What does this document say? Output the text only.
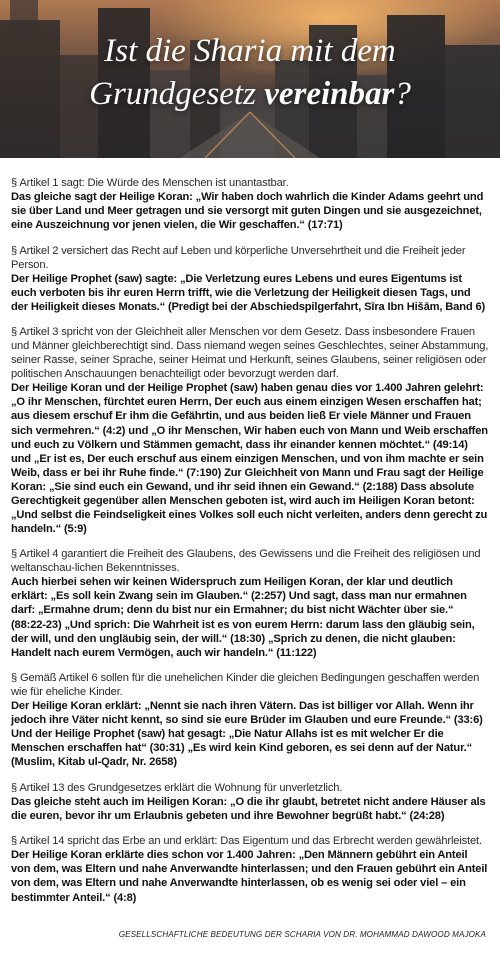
Ist die Sharia mit dem
Grundgesetz vereinbar?
§ Artikel 1 sagt: Die Würde des Menschen ist unantastbar.
Das gleiche sagt der Heilige Koran: „Wir haben doch wahrlich die Kinder Adams geehrt und sie über Land und Meer getragen und sie versorgt mit guten Dingen und sie ausgezeichnet, eine Auszeichnung vor jenen vielen, die Wir geschaffen.“ (17:71)
§ Artikel 2 versichert das Recht auf Leben und körperliche Unversehrtheit und die Freiheit jeder Person.
Der Heilige Prophet (saw) sagte: „Die Verletzung eures Lebens und eures Eigentums ist euch verboten bis ihr euren Herrn trifft, wie die Verletzung der Heiligkeit diesen Tags, und der Heiligkeit dieses Monats.“ (Predigt bei der Abschiedspilgerfahrt, Sīra Ibn Hišām, Band 6)
§ Artikel 3 spricht von der Gleichheit aller Menschen vor dem Gesetz. Dass insbesondere Frauen und Männer gleichberechtigt sind. Dass niemand wegen seines Geschlechtes, seiner Abstammung, seiner Rasse, seiner Sprache, seiner Heimat und Herkunft, seines Glaubens, seiner religiösen oder politischen Anschauungen benachteiligt oder bevorzugt werden darf.
Der Heilige Koran und der Heilige Prophet (saw) haben genau dies vor 1.400 Jahren gelehrt: „O ihr Menschen, fürchtet euren Herrn, Der euch aus einem einzigen Wesen erschaffen hat; aus diesem erschuf Er ihm die Gefährtin, und aus beiden ließ Er viele Männer und Frauen sich vermehren.“ (4:2) und „O ihr Menschen, Wir haben euch von Mann und Weib erschaffen und euch zu Völkern und Stämmen gemacht, dass ihr einander kennen möchtet.“ (49:14) und „Er ist es, Der euch erschuf aus einem einzigen Menschen, und von ihm machte er sein Weib, dass er bei ihr Ruhe finde.“ (7:190) Zur Gleichheit von Mann und Frau sagt der Heilige Koran: „Sie sind euch ein Gewand, und ihr seid ihnen ein Gewand.“ (2:188) Dass absolute Gerechtigkeit gegenüber allen Menschen geboten ist, wird auch im Heiligen Koran betont: „Und selbst die Feindseligkeit eines Volkes soll euch nicht verleiten, anders denn gerecht zu handeln.“ (5:9)
§ Artikel 4 garantiert die Freiheit des Glaubens, des Gewissens und die Freiheit des religiösen und weltanschau-lichen Bekenntnisses.
Auch hierbei sehen wir keinen Widerspruch zum Heiligen Koran, der klar und deutlich erklärt: „Es soll kein Zwang sein im Glauben.“ (2:257) Und sagt, dass man nur ermahnen darf: „Ermahne drum; denn du bist nur ein Ermahner; du bist nicht Wächter über sie.“ (88:22-23) „Und sprich: Die Wahrheit ist es von eurem Herrn: darum lass den gläubig sein, der will, und den ungläubig sein, der will.“ (18:30) „Sprich zu denen, die nicht glauben: Handelt nach eurem Vermögen, auch wir handeln.“ (11:122)
§ Gemäß Artikel 6 sollen für die unehelichen Kinder die gleichen Bedingungen geschaffen werden wie für eheliche Kinder.
Der Heilige Koran erklärt: „Nennt sie nach ihren Vätern. Das ist billiger vor Allah. Wenn ihr jedoch ihre Väter nicht kennt, so sind sie eure Brüder im Glauben und eure Freunde.“ (33:6) Und der Heilige Prophet (saw) hat gesagt: „Die Natur Allahs ist es mit welcher Er die Menschen erschaffen hat“ (30:31) „Es wird kein Kind geboren, es sei denn auf der Natur.“ (Muslim, Kitab ul-Qadr, Nr. 2658)
§ Artikel 13 des Grundgesetzes erklärt die Wohnung für unverletzlich.
Das gleiche steht auch im Heiligen Koran: „O die ihr glaubt, betretet nicht andere Häuser als die euren, bevor ihr um Erlaubnis gebeten und ihre Bewohner begrüßt habt.“ (24:28)
§ Artikel 14 spricht das Erbe an und erklärt: Das Eigentum und das Erbrecht werden gewährleistet.
Der Heilige Koran erklärte dies schon vor 1.400 Jahren: „Den Männern gebührt ein Anteil von dem, was Eltern und nahe Anverwandte hinterlassen; und den Frauen gebührt ein Anteil von dem, was Eltern und nahe Anverwandte hinterlassen, ob es wenig sei oder viel – ein bestimmter Anteil.“ (4:8)
GESELLSCHAFTLICHE BEDEUTUNG DER SCHARIA VON DR. MOHAMMAD DAWOOD MAJOKA
